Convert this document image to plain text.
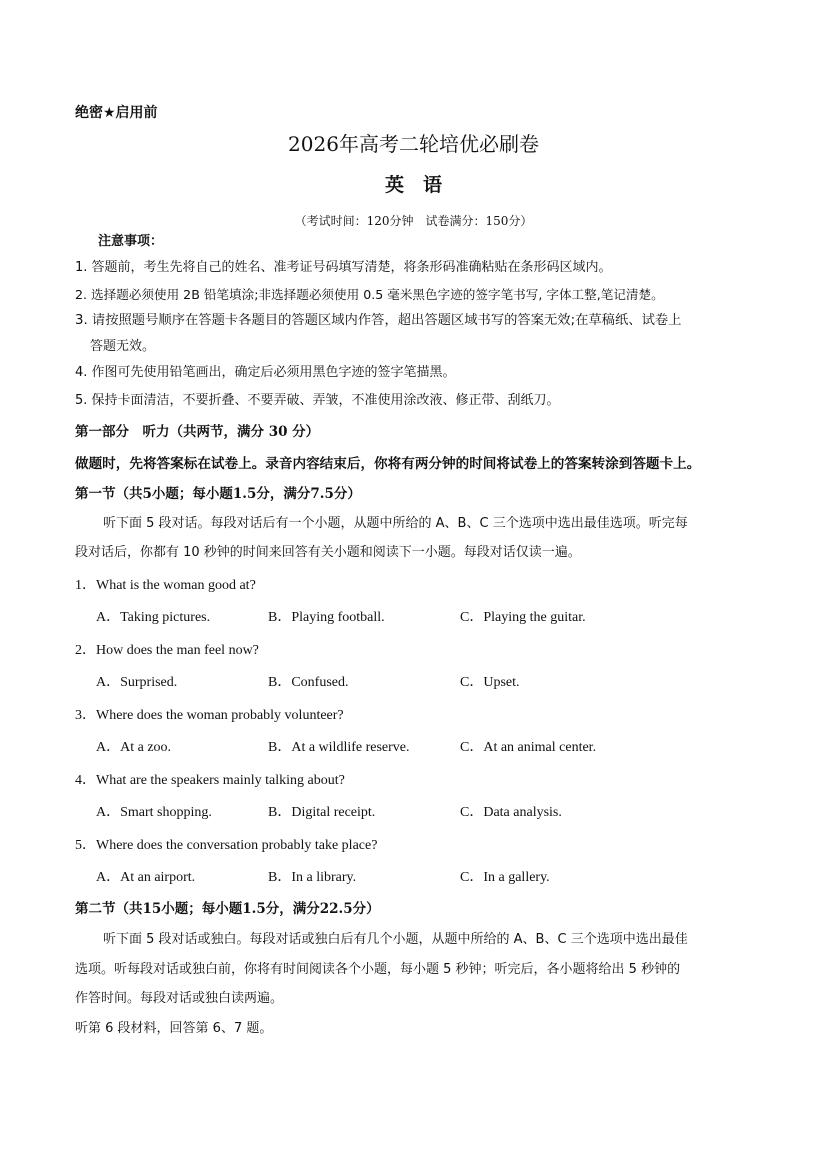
绝密★启用前
2026年高考二轮培优必刷卷
英　语
（考试时间：120分钟　试卷满分：150分）
注意事项：
1. 答题前，考生先将自己的姓名、准考证号码填写清楚，将条形码准确粘贴在条形码区域内。
2. 选择题必须使用 2B 铅笔填涂;非选择题必须使用 0.5 毫米黑色字迹的签字笔书写, 字体工整,笔记清楚。
3. 请按照题号顺序在答题卡各题目的答题区域内作答，超出答题区域书写的答案无效;在草稿纸、试卷上
答题无效。
4. 作图可先使用铅笔画出，确定后必须用黑色字迹的签字笔描黑。
5. 保持卡面清洁，不要折叠、不要弄破、弄皱，不准使用涂改液、修正带、刮纸刀。
第一部分　听力（共两节，满分 30 分）
做题时，先将答案标在试卷上。录音内容结束后，你将有两分钟的时间将试卷上的答案转涂到答题卡上。
第一节（共5小题；每小题1.5分，满分7.5分）
听下面 5 段对话。每段对话后有一个小题，从题中所给的 A、B、C 三个选项中选出最佳选项。听完每
段对话后，你都有 10 秒钟的时间来回答有关小题和阅读下一小题。每段对话仅读一遍。
1．What is the woman good at?
A．Taking pictures.	B．Playing football.	C．Playing the guitar.
2．How does the man feel now?
A．Surprised.	B．Confused.	C．Upset.
3．Where does the woman probably volunteer?
A．At a zoo.	B．At a wildlife reserve.	C．At an animal center.
4．What are the speakers mainly talking about?
A．Smart shopping.	B．Digital receipt.	C．Data analysis.
5．Where does the conversation probably take place?
A．At an airport.	B．In a library.	C．In a gallery.
第二节（共15小题；每小题1.5分，满分22.5分）
听下面 5 段对话或独白。每段对话或独白后有几个小题，从题中所给的 A、B、C 三个选项中选出最佳
选项。听每段对话或独白前，你将有时间阅读各个小题，每小题 5 秒钟；听完后，各小题将给出 5 秒钟的
作答时间。每段对话或独白读两遍。
听第 6 段材料，回答第 6、7 题。
